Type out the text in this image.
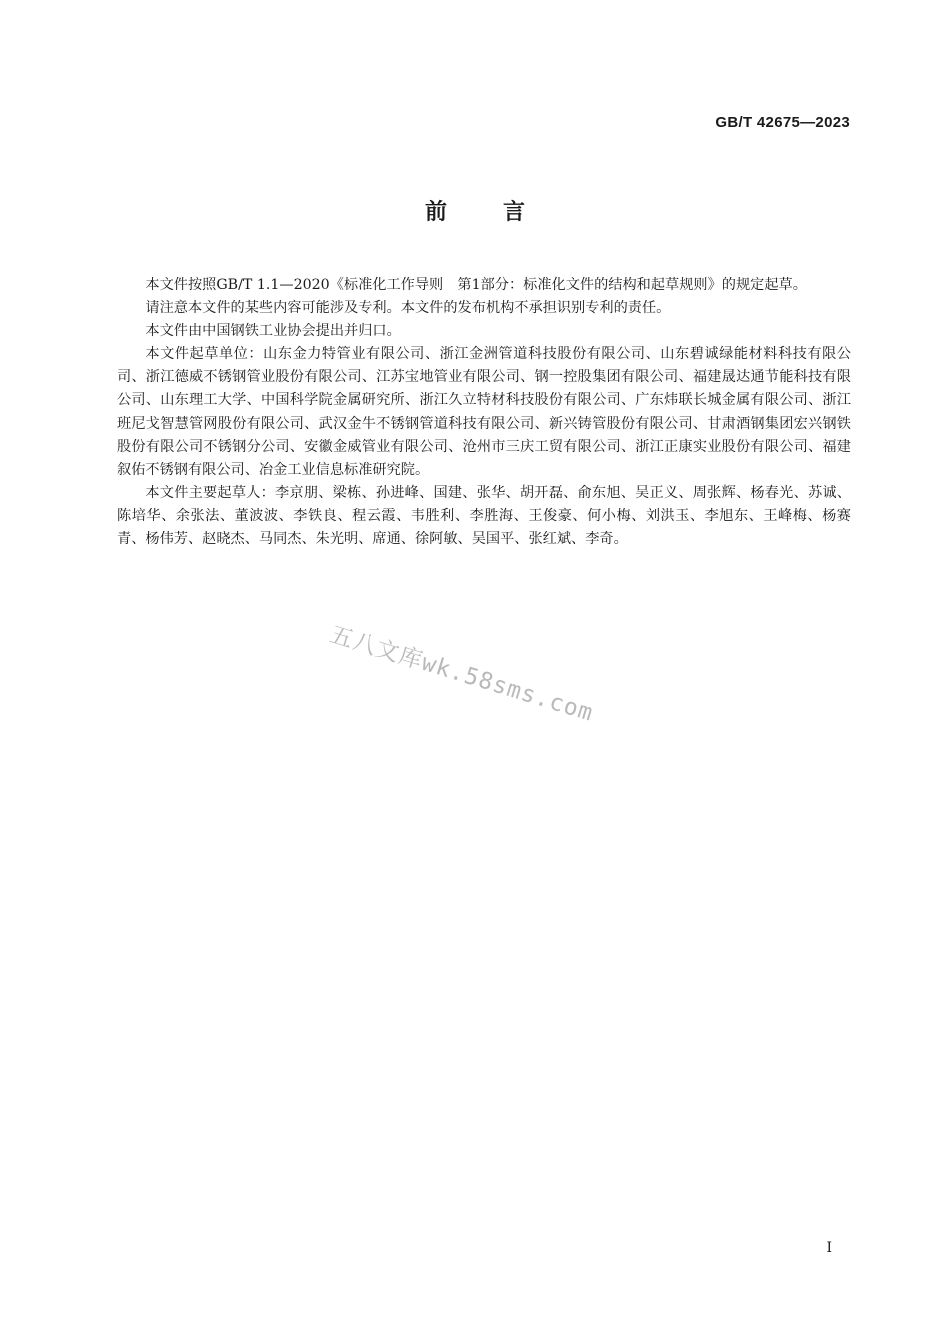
GB/T 42675—2023
前言

本文件按照GB/T 1.1—2020《标准化工作导则　第1部分：标准化文件的结构和起草规则》的规定起草。

请注意本文件的某些内容可能涉及专利。本文件的发布机构不承担识别专利的责任。

本文件由中国钢铁工业协会提出并归口。

本文件起草单位：山东金力特管业有限公司、浙江金洲管道科技股份有限公司、山东碧诚绿能材料科技有限公司、浙江德威不锈钢管业股份有限公司、江苏宝地管业有限公司、钢一控股集团有限公司、福建晟达通节能科技有限公司、山东理工大学、中国科学院金属研究所、浙江久立特材科技股份有限公司、广东炜联长城金属有限公司、浙江班尼戈智慧管网股份有限公司、武汉金牛不锈钢管道科技有限公司、新兴铸管股份有限公司、甘肃酒钢集团宏兴钢铁股份有限公司不锈钢分公司、安徽金威管业有限公司、沧州市三庆工贸有限公司、浙江正康实业股份有限公司、福建叙佑不锈钢有限公司、冶金工业信息标准研究院。

本文件主要起草人：李京朋、梁栋、孙进峰、国建、张华、胡开磊、俞东旭、吴正义、周张辉、杨春光、苏诚、陈培华、余张法、董波波、李铁良、程云霞、韦胜利、李胜海、王俊豪、何小梅、刘洪玉、李旭东、王峰梅、杨赛青、杨伟芳、赵晓杰、马同杰、朱光明、席通、徐阿敏、吴国平、张红斌、李奇。

五八文库wk.58sms.com
I
